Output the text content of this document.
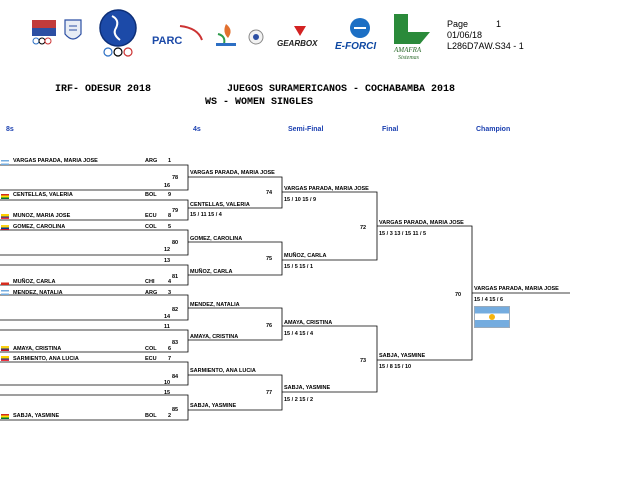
PARC	GEARBOX E-FORCI	AMAFRA
Sistemas
Page	1
01/06/18
L286D7AW.S34 - 1
IRF- ODESUR 2018	JUEGOS SURAMERICANOS - COCHABAMBA 2018
WS - WOMEN SINGLES
8s	4s	Semi-Final	Final	Champion
VARGAS PARADA, MARIA JOSE	ARG 1
78
16
CENTELLAS, VALERIA	BOL 9
79
MUNOZ, MARIA JOSE	ECU 8
GOMEZ, CAROLINA	COL 5
80
12
13
81
MUÑOZ, CARLA	CHI 4
MENDEZ, NATALIA	ARG 3
82
14
11
83
AMAYA, CRISTINA	COL 6
SARMIENTO, ANA LUCIA	ECU 7
84
10
15
85
SABJA, YASMINE	BOL 2
VARGAS PARADA, MARIA JOSE
74
CENTELLAS, VALERIA
15 / 11 15 / 4
GOMEZ, CAROLINA
75
MUÑOZ, CARLA
MENDEZ, NATALIA
76
AMAYA, CRISTINA
SARMIENTO, ANA LUCIA
77
SABJA, YASMINE
VARGAS PARADA, MARIA JOSE
15 / 10 15 / 9
72
MUÑOZ, CARLA
15 / 5 15 / 1
AMAYA, CRISTINA
15 / 4 15 / 4
73
SABJA, YASMINE
15 / 2 15 / 2
VARGAS PARADA, MARIA JOSE
15 / 3 13 / 15 11 / 5
70
SABJA, YASMINE
15 / 8 15 / 10
VARGAS PARADA, MARIA JOSE
15 / 4 15 / 6
